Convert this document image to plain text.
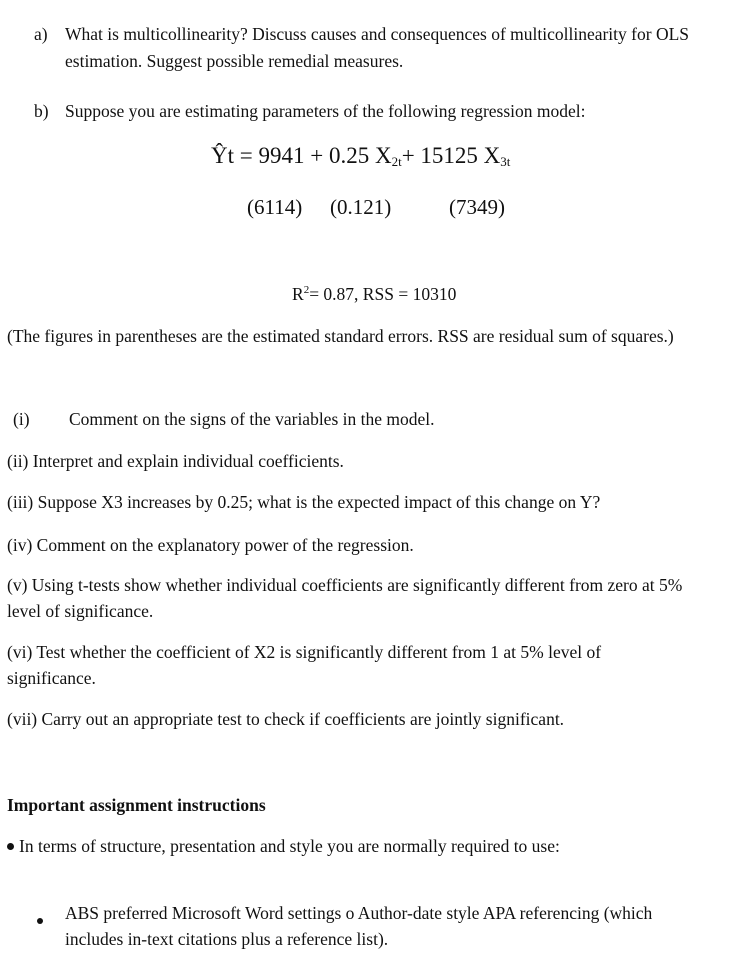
a) What is multicollinearity? Discuss causes and consequences of multicollinearity for OLS
estimation. Suggest possible remedial measures.
b) Suppose you are estimating parameters of the following regression model:
Ŷt = 9941 + 0.25 $X_{2t}+ 15125$ $X_{3t}$
(6114) (0.121)	(7349)
$R^2= 0.87$, RSS = 10310
(The figures in parentheses are the estimated standard errors. RSS are residual sum of squares.)
(i) Comment on the signs of the variables in the model.
(ii) Interpret and explain individual coefficients.
(iii) Suppose X3 increases by 0.25; what is the expected impact of this change on Y?
(iv) Comment on the explanatory power of the regression.
(v) Using t-tests show whether individual coefficients are significantly different from zero at 5%
level of significance.
(vi) Test whether the coefficient of X2 is significantly different from 1 at 5% level of
significance.
(vii) Carry out an appropriate test to check if coefficients are jointly significant.
Important assignment instructions
In terms of structure, presentation and style you are normally required to use:
ABS preferred Microsoft Word settings o Author-date style APA referencing (which
includes in-text citations plus a reference list).
